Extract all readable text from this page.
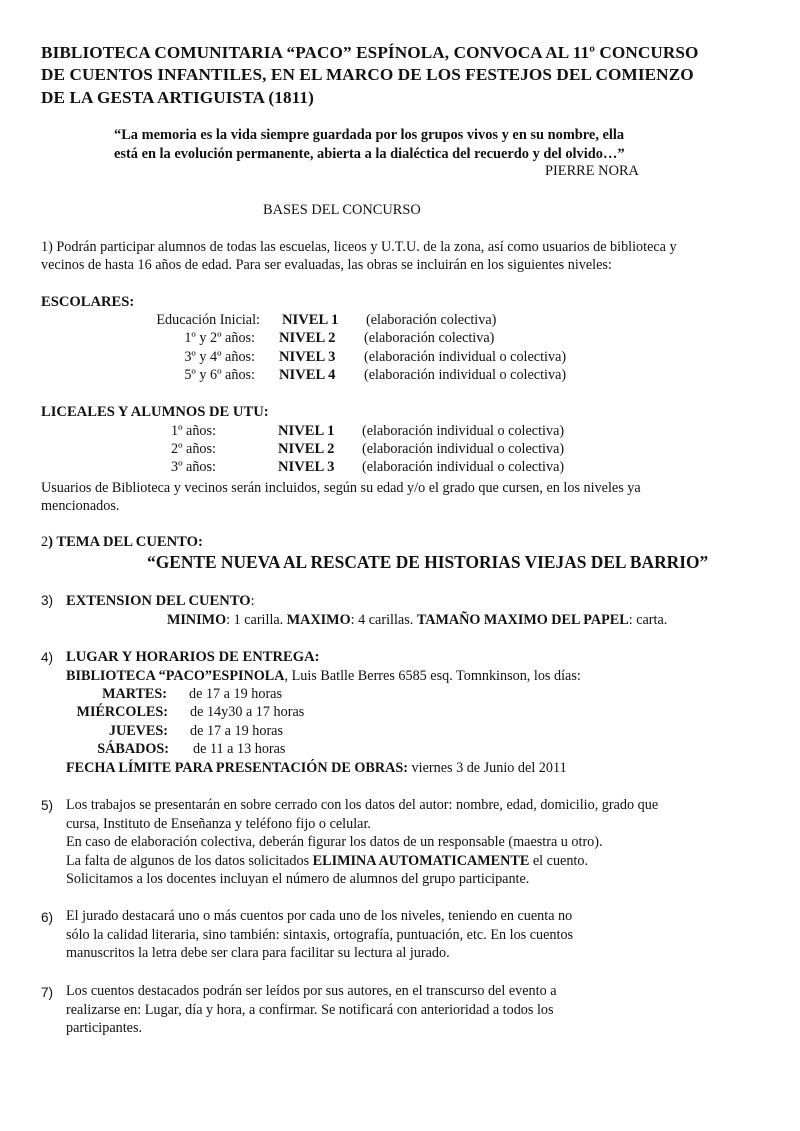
BIBLIOTECA COMUNITARIA “PACO” ESPÍNOLA, CONVOCA AL 11º CONCURSO
DE CUENTOS INFANTILES, EN EL MARCO DE LOS FESTEJOS DEL COMIENZO
DE LA GESTA ARTIGUISTA (1811)
“La memoria es la vida siempre guardada por los grupos vivos y en su nombre, ella
está en la evolución permanente, abierta a la dialéctica del recuerdo y del olvido…”
PIERRE NORA
BASES DEL CONCURSO
1) Podrán participar alumnos de todas las escuelas, liceos y U.T.U. de la zona, así como usuarios de biblioteca y
vecinos de hasta 16 años de edad. Para ser evaluadas, las obras se incluirán en los siguientes niveles:
ESCOLARES:
Educación Inicial: NIVEL 1 (elaboración colectiva)
1º y 2º años: NIVEL 2 (elaboración colectiva)
3º y 4º años: NIVEL 3 (elaboración individual o colectiva)
5º y 6º años: NIVEL 4 (elaboración individual o colectiva)
LICEALES Y ALUMNOS DE UTU:
1º años:	NIVEL 1 (elaboración individual o colectiva)
2º años:	NIVEL 2 (elaboración individual o colectiva)
3º años:	NIVEL 3 (elaboración individual o colectiva)
Usuarios de Biblioteca y vecinos serán incluidos, según su edad y/o el grado que cursen, en los niveles ya
mencionados.
2) TEMA DEL CUENTO:
“GENTE NUEVA AL RESCATE DE HISTORIAS VIEJAS DEL BARRIO”
3) EXTENSION DEL CUENTO:
MINIMO: 1 carilla. MAXIMO: 4 carillas. TAMAÑO MAXIMO DEL PAPEL: carta.
4) LUGAR Y HORARIOS DE ENTREGA:
BIBLIOTECA “PACO”ESPINOLA, Luis Batlle Berres 6585 esq. Tomnkinson, los días:
MARTES: de 17 a 19 horas
MIÉRCOLES: de 14y30 a 17 horas
JUEVES: de 17 a 19 horas
SÁBADOS: de 11 a 13 horas
FECHA LÍMITE PARA PRESENTACIÓN DE OBRAS: viernes 3 de Junio del 2011
5) Los trabajos se presentarán en sobre cerrado con los datos del autor: nombre, edad, domicilio, grado que
cursa, Instituto de Enseñanza y teléfono fijo o celular.
En caso de elaboración colectiva, deberán figurar los datos de un responsable (maestra u otro).
La falta de algunos de los datos solicitados ELIMINA AUTOMATICAMENTE el cuento.
Solicitamos a los docentes incluyan el número de alumnos del grupo participante.
6) El jurado destacará uno o más cuentos por cada uno de los niveles, teniendo en cuenta no
sólo la calidad literaria, sino también: sintaxis, ortografía, puntuación, etc. En los cuentos
manuscritos la letra debe ser clara para facilitar su lectura al jurado.
7) Los cuentos destacados podrán ser leídos por sus autores, en el transcurso del evento a
realizarse en: Lugar, día y hora, a confirmar. Se notificará con anterioridad a todos los
participantes.
